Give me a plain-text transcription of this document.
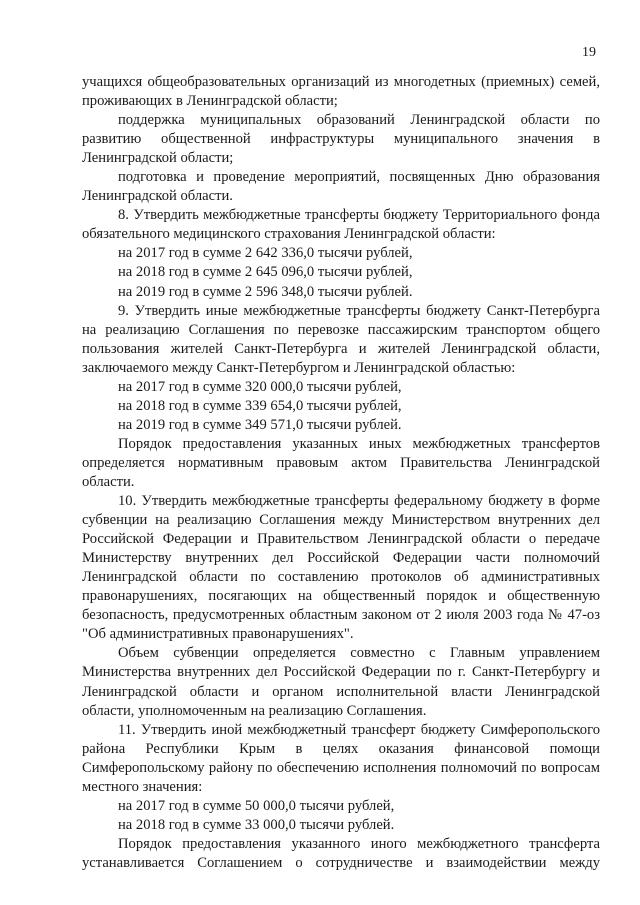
19

учащихся общеобразовательных организаций из многодетных (приемных) семей, проживающих в Ленинградской области;

поддержка муниципальных образований Ленинградской области по развитию общественной инфраструктуры муниципального значения в Ленинградской области;

подготовка и проведение мероприятий, посвященных Дню образования Ленинградской области.

8. Утвердить межбюджетные трансферты бюджету Территориального фонда обязательного медицинского страхования Ленинградской области:

на 2017 год в сумме 2 642 336,0 тысячи рублей,

на 2018 год в сумме 2 645 096,0 тысячи рублей,

на 2019 год в сумме 2 596 348,0 тысячи рублей.

9. Утвердить иные межбюджетные трансферты бюджету Санкт-Петербурга на реализацию Соглашения по перевозке пассажирским транспортом общего пользования жителей Санкт-Петербурга и жителей Ленинградской области, заключаемого между Санкт-Петербургом и Ленинградской областью:

на 2017 год в сумме 320 000,0 тысячи рублей,

на 2018 год в сумме 339 654,0 тысячи рублей,

на 2019 год в сумме 349 571,0 тысячи рублей.

Порядок предоставления указанных иных межбюджетных трансфертов определяется нормативным правовым актом Правительства Ленинградской области.

10. Утвердить межбюджетные трансферты федеральному бюджету в форме субвенции на реализацию Соглашения между Министерством внутренних дел Российской Федерации и Правительством Ленинградской области о передаче Министерству внутренних дел Российской Федерации части полномочий Ленинградской области по составлению протоколов об административных правонарушениях, посягающих на общественный порядок и общественную безопасность, предусмотренных областным законом от 2 июля 2003 года № 47-оз "Об административных правонарушениях".

Объем субвенции определяется совместно с Главным управлением Министерства внутренних дел Российской Федерации по г. Санкт-Петербургу и Ленинградской области и органом исполнительной власти Ленинградской области, уполномоченным на реализацию Соглашения.

11. Утвердить иной межбюджетный трансферт бюджету Симферопольского района Республики Крым в целях оказания финансовой помощи Симферопольскому району по обеспечению исполнения полномочий по вопросам местного значения:

на 2017 год в сумме 50 000,0 тысячи рублей,

на 2018 год в сумме 33 000,0 тысячи рублей.

Порядок предоставления указанного иного межбюджетного трансферта устанавливается Соглашением о сотрудничестве и взаимодействии между
